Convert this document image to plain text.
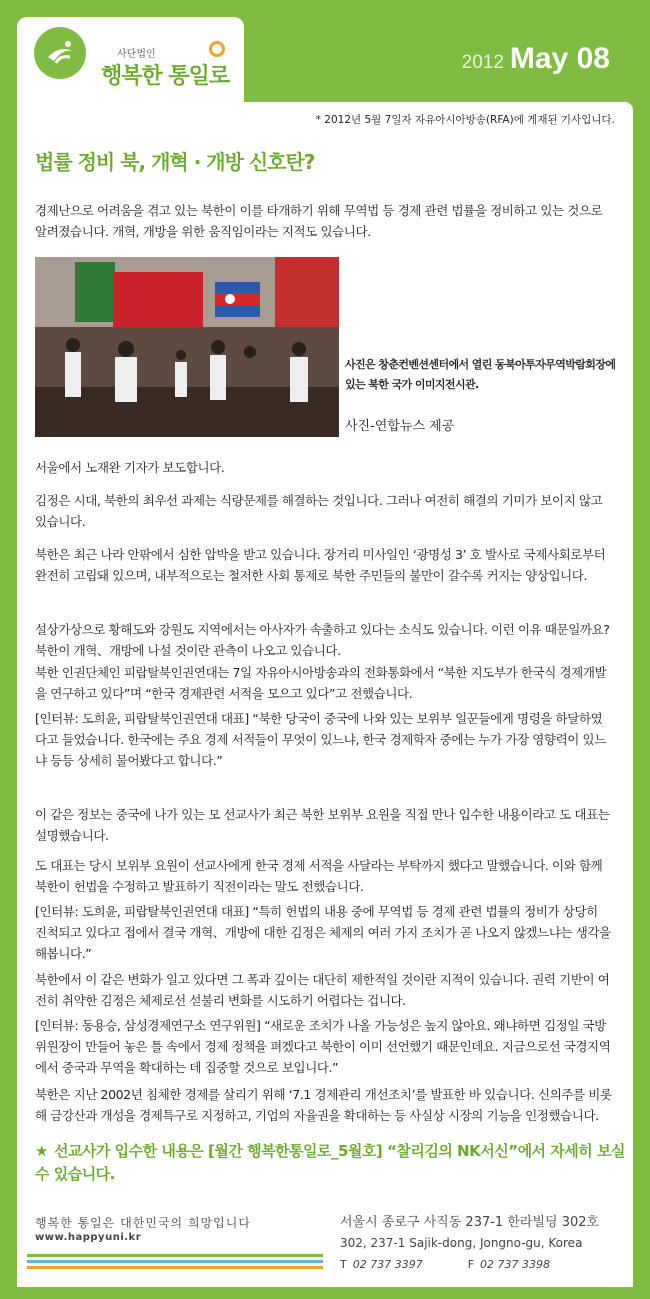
사단법인
행복한 통일로
2012 May 08
* 2012년 5월 7일자 자유아시아방송(RFA)에 게재된 기사입니다.
법률 정비 북, 개혁 · 개방 신호탄?

경제난으로 어려움을 겪고 있는 북한이 이를 타개하기 위해 무역법 등 경제 관련 법률을 정비하고 있는 것으로 알려졌습니다. 개혁, 개방을 위한 움직임이라는 지적도 있습니다.

사진은 창춘컨벤션센터에서 열린 동북아투자무역박람회장에 있는 북한 국가 이미지전시관.
사진-연합뉴스 제공

서울에서 노재완 기자가 보도합니다.

김정은 시대, 북한의 최우선 과제는 식량문제를 해결하는 것입니다. 그러나 여전히 해결의 기미가 보이지 않고 있습니다.

북한은 최근 나라 안팎에서 심한 압박을 받고 있습니다. 장거리 미사일인 ‘광명성 3’ 호 발사로 국제사회로부터 완전히 고립돼 있으며, 내부적으로는 철저한 사회 통제로 북한 주민들의 불만이 갈수록 커지는 양상입니다.

설상가상으로 황해도와 강원도 지역에서는 아사자가 속출하고 있다는 소식도 있습니다. 이런 이유 때문일까요? 북한이 개혁、개방에 나설 것이란 관측이 나오고 있습니다.

북한 인권단체인 피랍탈북인권연대는 7일 자유아시아방송과의 전화통화에서 “북한 지도부가 한국식 경제개발을 연구하고 있다”며 “한국 경제관련 서적을 모으고 있다”고 전했습니다.

[인터뷰: 도희윤, 피랍탈북인권연대 대표] “북한 당국이 중국에 나와 있는 보위부 일꾼들에게 명령을 하달하였다고 들었습니다. 한국에는 주요 경제 서적들이 무엇이 있느냐, 한국 경제학자 중에는 누가 가장 영향력이 있느냐 등등 상세히 물어봤다고 합니다.”

이 같은 정보는 중국에 나가 있는 모 선교사가 최근 북한 보위부 요원을 직접 만나 입수한 내용이라고 도 대표는 설명했습니다.

도 대표는 당시 보위부 요원이 선교사에게 한국 경제 서적을 사달라는 부탁까지 했다고 말했습니다. 이와 함께 북한이 헌법을 수정하고 발표하기 직전이라는 말도 전했습니다.

[인터뷰: 도희윤, 피랍탈북인권연대 대표] “특히 헌법의 내용 중에 무역법 등 경제 관련 법률의 정비가 상당히 진척되고 있다고 접에서 결국 개혁、개방에 대한 김정은 체제의 여러 가지 조치가 곧 나오지 않겠느냐는 생각을 해봅니다.”

북한에서 이 같은 변화가 일고 있다면 그 폭과 깊이는 대단히 제한적일 것이란 지적이 있습니다. 권력 기반이 여전히 취약한 김정은 체제로선 섣불리 변화를 시도하기 어렵다는 겁니다.

[인터뷰: 동용승, 삼성경제연구소 연구위원] “새로운 조치가 나올 가능성은 높지 않아요. 왜냐하면 김정일 국방위원장이 만들어 놓은 틀 속에서 경제 정책을 펴겠다고 북한이 이미 선언했기 때문인데요. 지금으로선 국경지역에서 중국과 무역을 확대하는 데 집중할 것으로 보입니다.”

북한은 지난 2002년 침체한 경제를 살리기 위해 ‘7.1 경제관리 개선조치’를 발표한 바 있습니다. 신의주를 비롯해 금강산과 개성을 경제특구로 지정하고, 기업의 자율권을 확대하는 등 사실상 시장의 기능을 인정했습니다.

★ 선교사가 입수한 내용은 [월간 행복한통일로_5월호] “찰리김의 NK서신”에서 자세히 보실수 있습니다.
행복한 통일은 대한민국의 희망입니다
www.happyuni.kr
서울시 종로구 사직동 237-1 한라빌딩 302호
302, 237-1 Sajik-dong, Jongno-gu, Korea
T 02 737 3397	F 02 737 3398
